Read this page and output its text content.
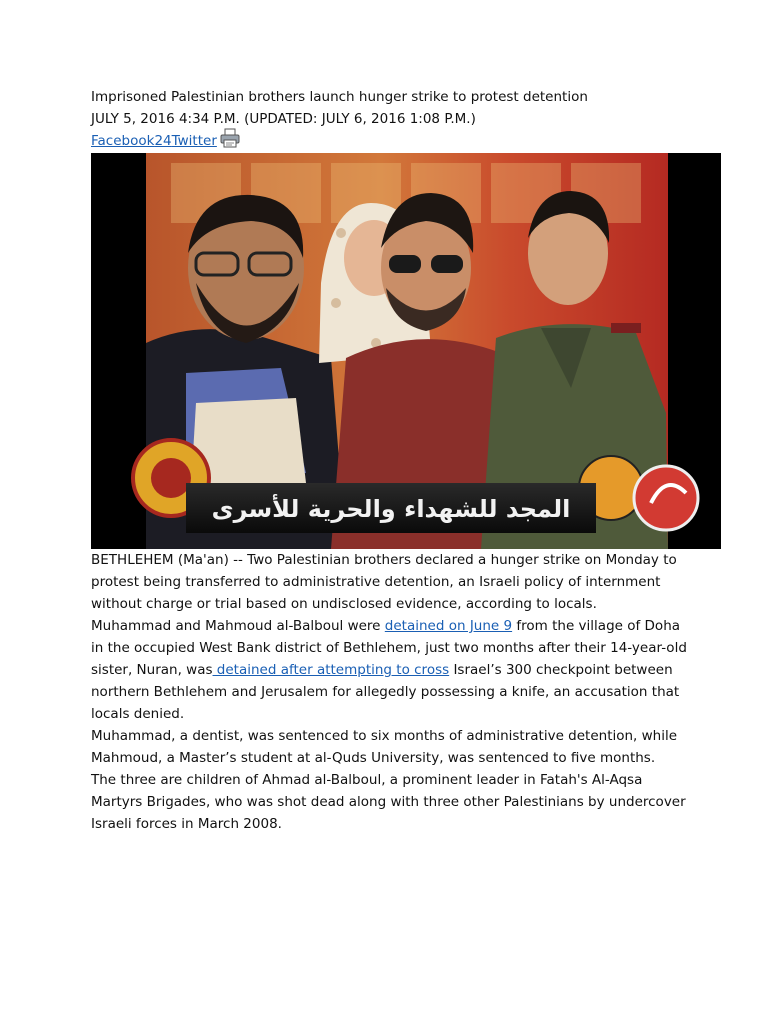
Imprisoned Palestinian brothers launch hunger strike to protest detention

JULY 5, 2016 4:34 P.M. (UPDATED: JULY 6, 2016 1:08 P.M.)

Facebook24Twitter
المجد للشهداء والحرية للأسرى

BETHLEHEM (Ma'an) -- Two Palestinian brothers declared a hunger strike on Monday to protest being transferred to administrative detention, an Israeli policy of internment without charge or trial based on undisclosed evidence, according to locals.

Muhammad and Mahmoud al-Balboul were detained on June 9 from the village of Doha in the occupied West Bank district of Bethlehem, just two months after their 14-year-old sister, Nuran, was detained after attempting to cross Israel’s 300 checkpoint between northern Bethlehem and Jerusalem for allegedly possessing a knife, an accusation that locals denied.

Muhammad, a dentist, was sentenced to six months of administrative detention, while Mahmoud, a Master’s student at al-Quds University, was sentenced to five months.

The three are children of Ahmad al-Balboul, a prominent leader in Fatah's Al-Aqsa Martyrs Brigades, who was shot dead along with three other Palestinians by undercover Israeli forces in March 2008.
